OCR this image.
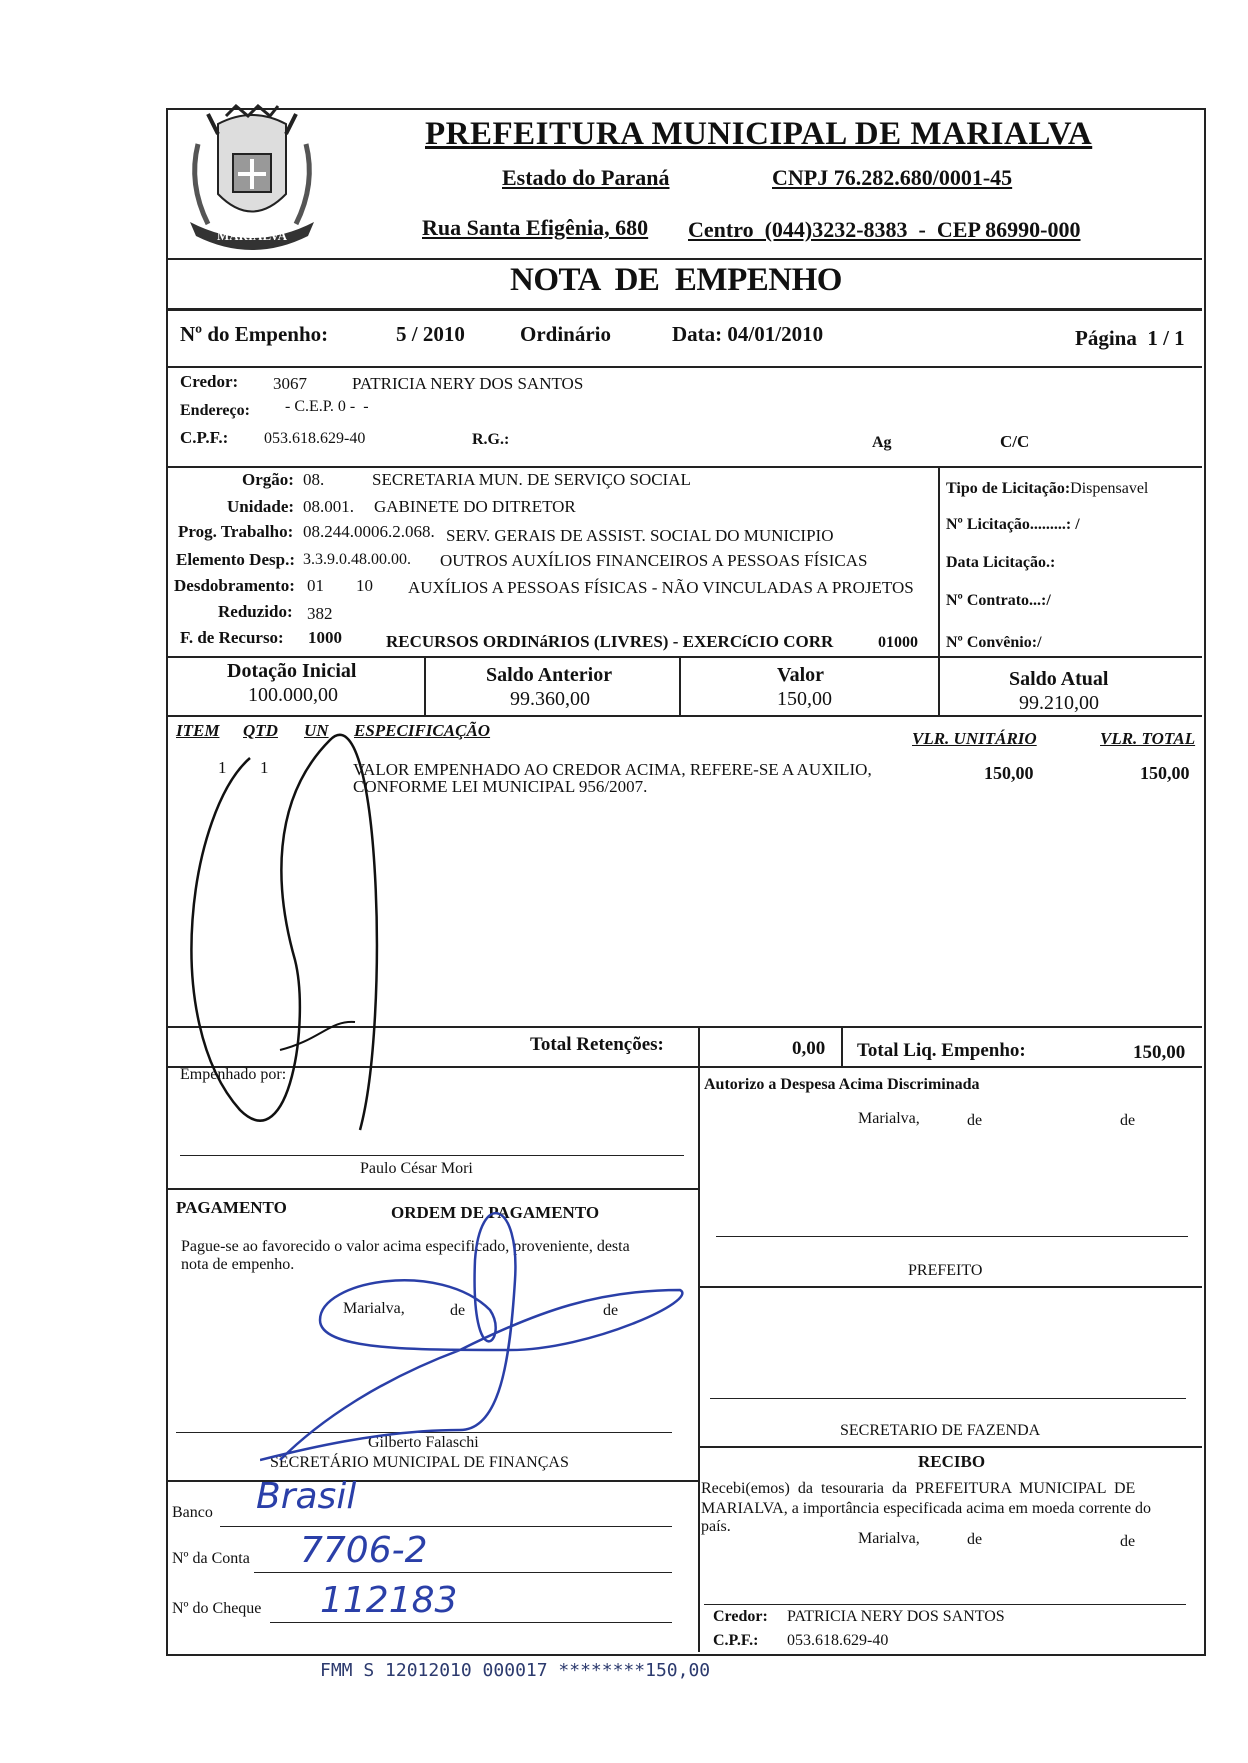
MARIALVA
PREFEITURA MUNICIPAL DE MARIALVA
Estado do Paraná	CNPJ 76.282.680/0001-45
Rua Santa Efigênia, 680 Centro  (044)3232-8383  -  CEP 86990-000
NOTA  DE  EMPENHO
Nº do Empenho:	5 / 2010	Ordinário	Data: 04/01/2010	Página  1 / 1
Credor: 3067	PATRICIA NERY DOS SANTOS
Endereço: - C.E.P. 0 -  -
C.P.F.: 053.618.629-40	R.G.:	Ag	C/C
Orgão: 08.	SECRETARIA MUN. DE SERVIÇO SOCIAL
Unidade: 08.001. GABINETE DO DITRETOR
Prog. Trabalho: 08.244.0006.2.068. SERV. GERAIS DE ASSIST. SOCIAL DO MUNICIPIO
Elemento Desp.: 3.3.9.0.48.00.00. OUTROS AUXÍLIOS FINANCEIROS A PESSOAS FÍSICAS
Desdobramento: 01 10 AUXÍLIOS A PESSOAS FÍSICAS - NÃO VINCULADAS A PROJETOS
Reduzido: 382
F. de Recurso: 1000	RECURSOS ORDINáRIOS (LIVRES) - EXERCíCIO CORR	01000
Tipo de Licitação:Dispensavel
Nº Licitação.........: /
Data Licitação.:
Nº Contrato...:/
Nº Convênio:/
Dotação Inicial
100.000,00
Saldo Anterior
99.360,00
Valor
150,00
Saldo Atual
99.210,00
ITEM QTD UN ESPECIFICAÇÃO	VLR. UNITÁRIO	VLR. TOTAL
1 1	VALOR EMPENHADO AO CREDOR ACIMA, REFERE-SE A AUXILIO,
CONFORME LEI MUNICIPAL 956/2007.
150,00	150,00
Total Retenções:	0,00 Total Liq. Empenho:	150,00
Empenhado por:
Paulo César Mori
PAGAMENTO	ORDEM DE PAGAMENTO
Pague-se ao favorecido o valor acima especificado, proveniente, desta
nota de empenho.
Marialva,	de	de
Gilberto Falaschi
SECRETÁRIO MUNICIPAL DE FINANÇAS
Banco Brasil
Nº da Conta 7706-2
Nº do Cheque 112183
Autorizo a Despesa Acima Discriminada
Marialva,	de	de
PREFEITO
SECRETARIO DE FAZENDA
RECIBO
Recebi(emos)  da  tesouraria  da  PREFEITURA  MUNICIPAL  DE
MARIALVA, a importância especificada acima em moeda corrente do
país.
Marialva,	de	de
Credor: PATRICIA NERY DOS SANTOS
C.P.F.: 053.618.629-40
FMM S 12012010 000017 ********150,00
